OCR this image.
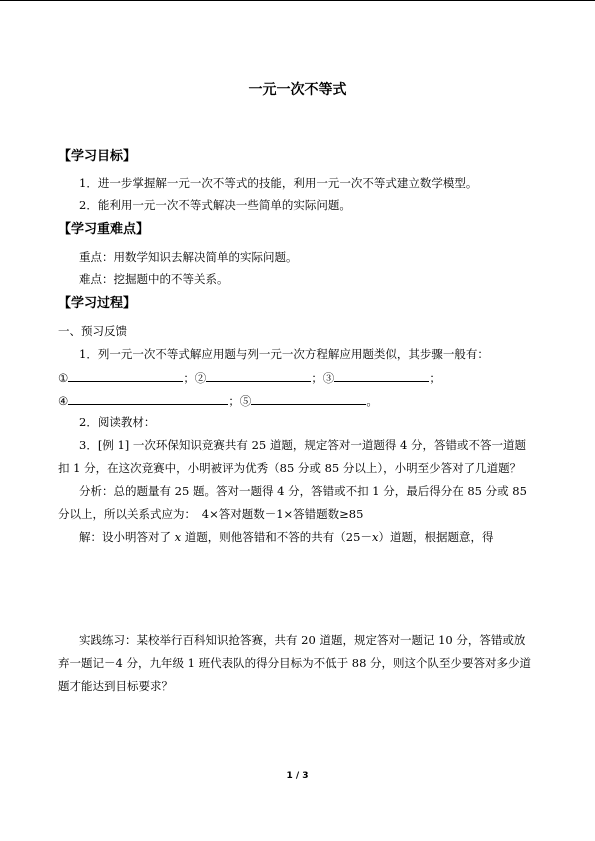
一元一次不等式
【学习目标】
1．进一步掌握解一元一次不等式的技能，利用一元一次不等式建立数学模型。
2．能利用一元一次不等式解决一些简单的实际问题。
【学习重难点】
重点：用数学知识去解决简单的实际问题。
难点：挖掘题中的不等关系。
【学习过程】
一、预习反馈
1．列一元一次不等式解应用题与列一元一次方程解应用题类似，其步骤一般有：
①	；②	；③	；
④	；⑤	。
2．阅读教材：
3．[例 1] 一次环保知识竞赛共有 25 道题，规定答对一道题得 4 分，答错或不答一道题
扣 1 分，在这次竞赛中，小明被评为优秀（85 分或 85 分以上），小明至少答对了几道题？
分析：总的题量有 25 题。答对一题得 4 分，答错或不扣 1 分，最后得分在 85 分或 85
分以上，所以关系式应为：　4×答对题数－1×答错题数≥85
解：设小明答对了 x 道题，则他答错和不答的共有（25－x）道题，根据题意，得
实践练习：某校举行百科知识抢答赛，共有 20 道题，规定答对一题记 10 分，答错或放
弃一题记－4 分，九年级 1 班代表队的得分目标为不低于 88 分，则这个队至少要答对多少道
题才能达到目标要求？
1 / 3
